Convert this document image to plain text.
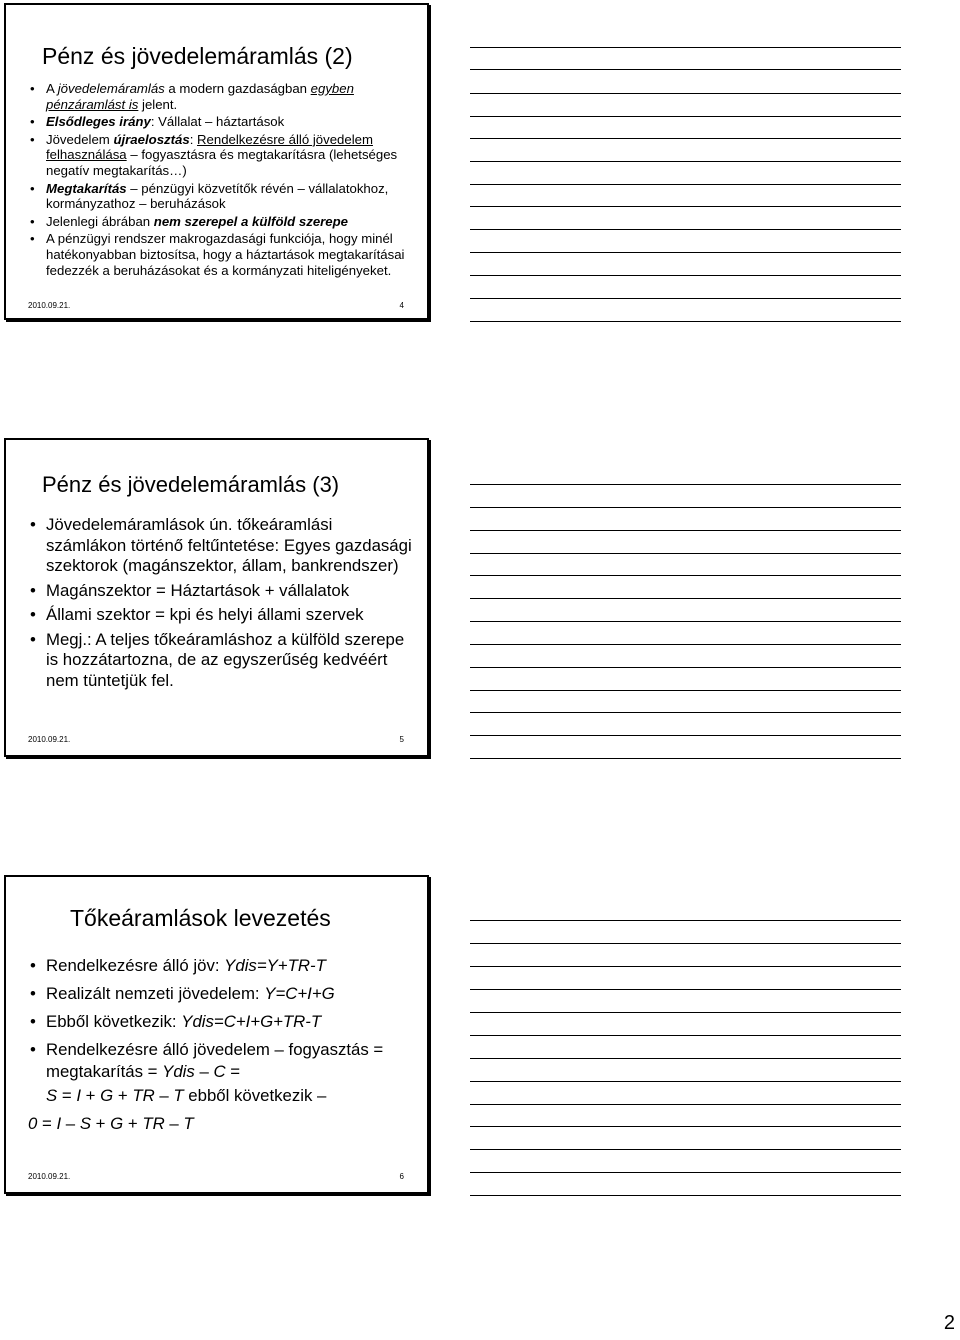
Pénz és jövedelemáramlás (2)
• A jövedelemáramlás a modern gazdaságban egyben pénzáramlást is jelent.
• Elsődleges irány: Vállalat – háztartások
• Jövedelem újraelosztás: Rendelkezésre álló jövedelem felhasználása – fogyasztásra és megtakarításra (lehetséges negatív megtakarítás…)
• Megtakarítás – pénzügyi közvetítők révén – vállalatokhoz, kormányzathoz – beruházások
• Jelenlegi ábrában nem szerepel a külföld szerepe
• A pénzügyi rendszer makrogazdasági funkciója, hogy minél hatékonyabban biztosítsa, hogy a háztartások megtakarításai fedezzék a beruházásokat és a kormányzati hiteligényeket.
2010.09.21.	4
Pénz és jövedelemáramlás (3)
• Jövedelemáramlások ún. tőkeáramlási számlákon történő feltűntetése: Egyes gazdasági szektorok (magánszektor, állam, bankrendszer)
• Magánszektor = Háztartások + vállalatok
• Állami szektor = kpi és helyi állami szervek
• Megj.: A teljes tőkeáramláshoz a külföld szerepe is hozzátartozna, de az egyszerűség kedvéért nem tüntetjük fel.
2010.09.21.	5
Tőkeáramlások levezetés
• Rendelkezésre álló jöv: Ydis=Y+TR-T
• Realizált nemzeti jövedelem: Y=C+I+G
• Ebből következik: Ydis=C+I+G+TR-T
• Rendelkezésre álló jövedelem – fogyasztás = megtakarítás = Ydis – C =
S = I + G + TR – T ebből következik –
0 = I – S + G + TR – T
2010.09.21.	6
2
